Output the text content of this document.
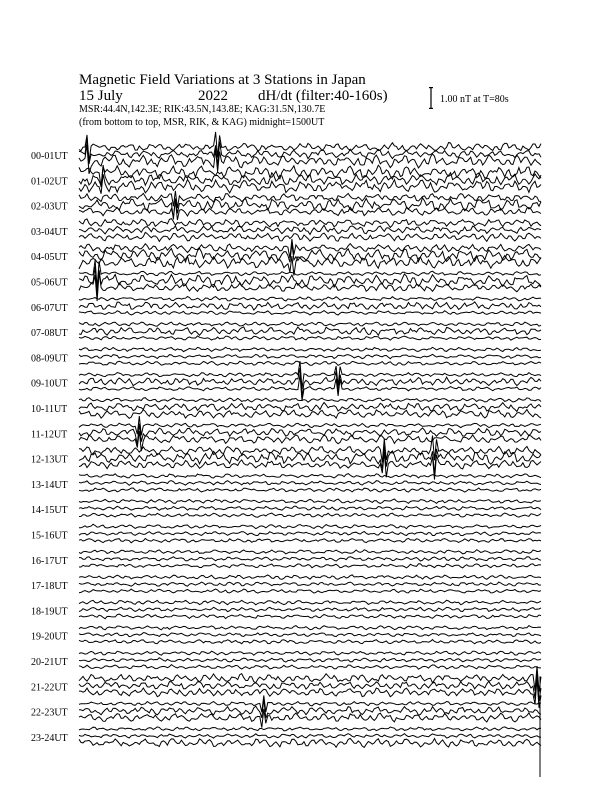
Magnetic Field Variations at 3 Stations in Japan
15 July	2022 dH/dt (filter:40-160s)
MSR:44.4N,142.3E; RIK:43.5N,143.8E; KAG:31.5N,130.7E
(from bottom to top, MSR, RIK, & KAG) midnight=1500UT
1.00 nT at T=80s
00-01UT
01-02UT
02-03UT
03-04UT
04-05UT
05-06UT
06-07UT
07-08UT
08-09UT
09-10UT
10-11UT
11-12UT
12-13UT
13-14UT
14-15UT
15-16UT
16-17UT
17-18UT
18-19UT
19-20UT
20-21UT
21-22UT
22-23UT
23-24UT
